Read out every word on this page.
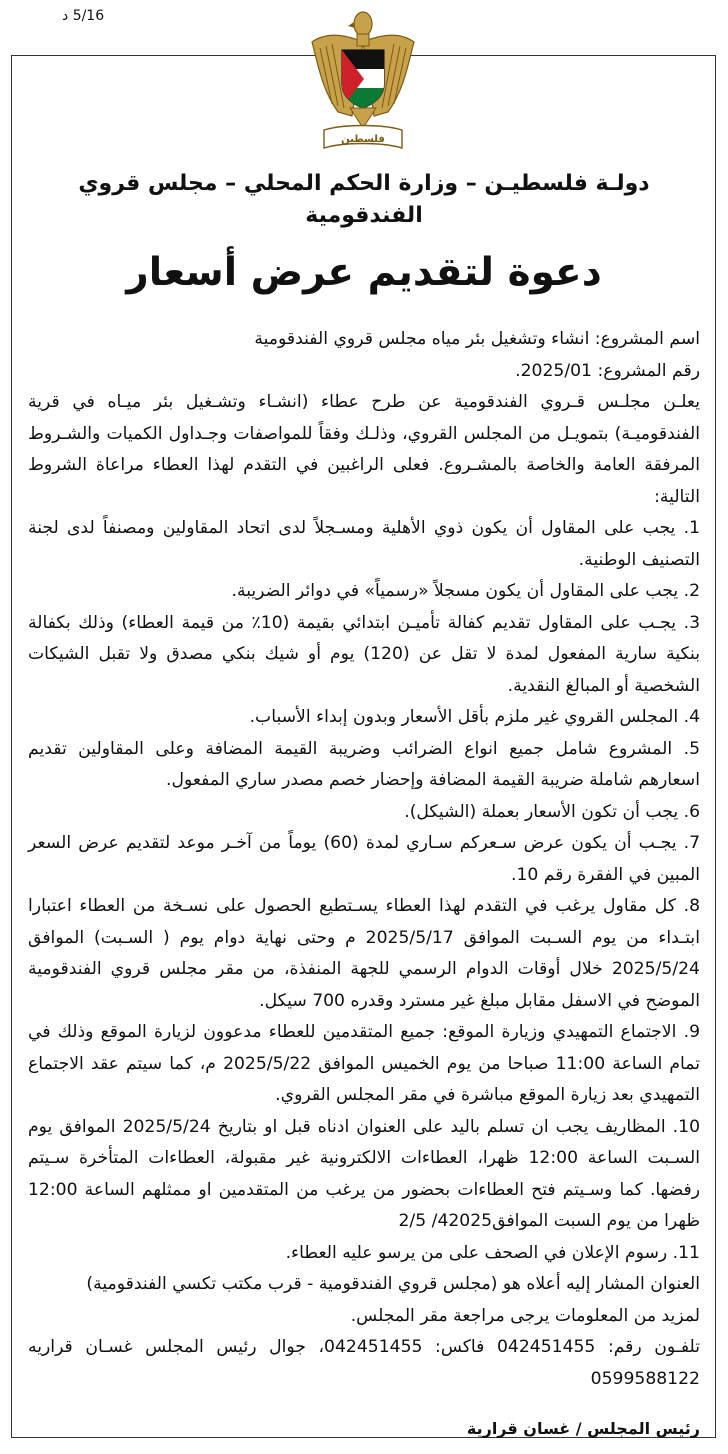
5/16 د
فلسطين

دولـة فلسطيـن – وزارة الحكم المحلي – مجلس قروي الفندقومية

دعوة لتقديم عرض أسعار

اسم المشروع: انشاء وتشغيل بئر مياه مجلس قروي الفندقومية

رقم المشروع: 2025/01.

يعلـن مجلـس قـروي الفندقومية عن طرح عطاء (انشـاء وتشـغيل بئر ميـاه في قرية الفندقوميـة) بتمويـل من المجلس القروي، وذلـك وفقاً للمواصفات وجـداول الكميات والشـروط المرفقة العامة والخاصة بالمشـروع. فعلى الراغبين في التقدم لهذا العطاء مراعاة الشروط التالية:

1. يجب على المقاول أن يكون ذوي الأهلية ومسـجلاً لدى اتحاد المقاولين ومصنفاً لدى لجنة التصنيف الوطنية.
2. يجب على المقاول أن يكون مسجلاً «رسمياً» في دوائر الضريبة.
3. يجـب على المقاول تقديم كفالة تأميـن ابتدائي بقيمة (10٪ من قيمة العطاء) وذلك بكفالة بنكية سارية المفعول لمدة لا تقل عن (120) يوم أو شيك بنكي مصدق ولا تقبل الشيكات الشخصية أو المبالغ النقدية.
4. المجلس القروي غير ملزم بأقل الأسعار وبدون إبداء الأسباب.
5. المشروع شامل جميع انواع الضرائب وضريبة القيمة المضافة وعلى المقاولين تقديم اسعارهم شاملة ضريبة القيمة المضافة وإحضار خصم مصدر ساري المفعول.
6. يجب أن تكون الأسعار بعملة (الشيكل).
7. يجـب أن يكون عرض سـعركم سـاري لمدة (60) يوماً من آخـر موعد لتقديم عرض السعر المبين في الفقرة رقم 10.
8. كل مقاول يرغب في التقدم لهذا العطاء يسـتطيع الحصول على نسـخة من العطاء اعتبارا ابتـداء من يوم السـبت الموافق 2025/5/17 م وحتى نهاية دوام يوم ( السـبت) الموافق 2025/5/24 خلال أوقات الدوام الرسمي للجهة المنفذة، من مقر مجلس قروي الفندقومية الموضح في الاسفل مقابل مبلغ غير مسترد وقدره 700 سيكل.
9. الاجتماع التمهيدي وزيارة الموقع: جميع المتقدمين للعطاء مدعوون لزيارة الموقع وذلك في تمام الساعة 11:00 صباحا من يوم الخميس الموافق 2025/5/22 م، كما سيتم عقد الاجتماع التمهيدي بعد زيارة الموقع مباشرة في مقر المجلس القروي.
10. المظاريف يجب ان تسلم باليد على العنوان ادناه قبل او بتاريخ 2025/5/24 الموافق يوم السـبت الساعة 12:00 ظهرا، العطاءات الالكترونية غير مقبولة، العطاءات المتأخرة سـيتم رفضها. كما وسـيتم فتح العطاءات بحضور من يرغب من المتقدمين او ممثلهم الساعة 12:00 ظهرا من يوم السبت الموافق42025/ 2/5
11. رسوم الإعلان في الصحف على من يرسو عليه العطاء.

العنوان المشار إليه أعلاه هو (مجلس قروي الفندقومية - قرب مكتب تكسي الفندقومية)

لمزيد من المعلومات يرجى مراجعة مقر المجلس.

تلفـون رقم: 042451455 فاكس: 042451455، جوال رئيس المجلس غسـان قراريه 0599588122

رئيس المجلس / غسان قرارية
